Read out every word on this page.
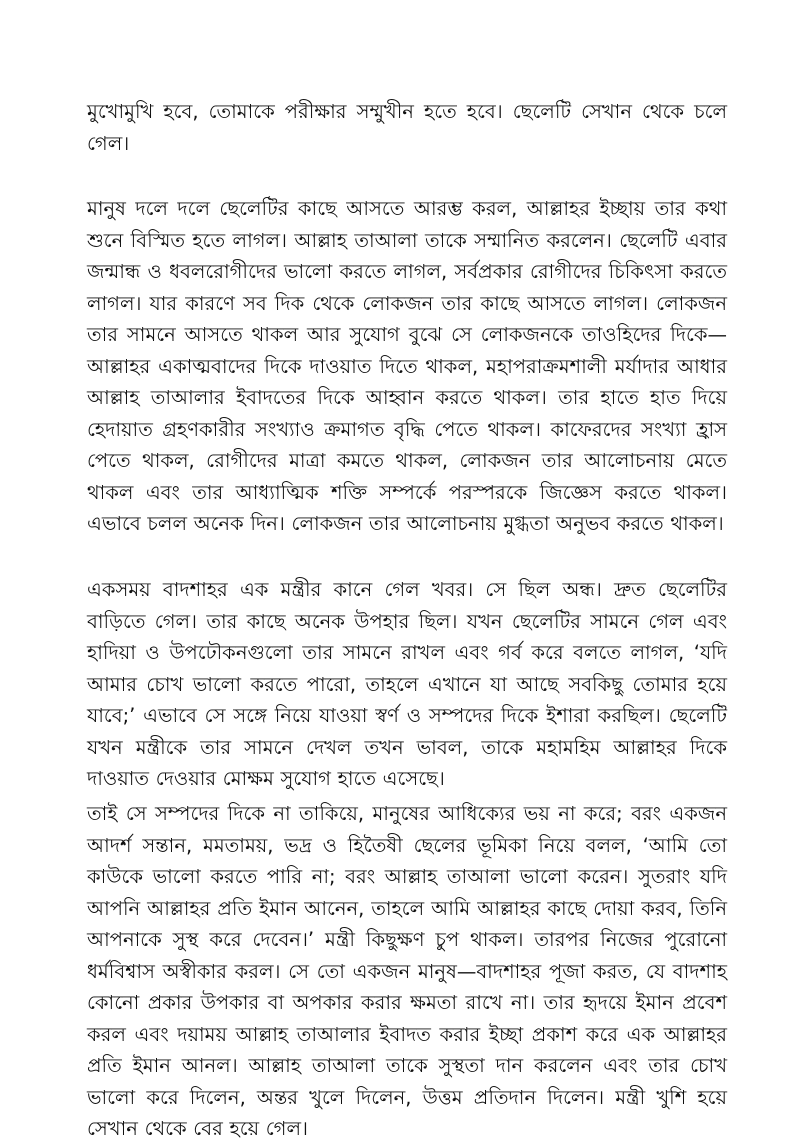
মুখোমুখি হবে, তোমাকে পরীক্ষার সম্মুখীন হতে হবে। ছেলেটি সেখান থেকে চলে গেল।

মানুষ দলে দলে ছেলেটির কাছে আসতে আরম্ভ করল, আল্লাহর ইচ্ছায় তার কথা শুনে বিস্মিত হতে লাগল। আল্লাহ তাআলা তাকে সম্মানিত করলেন। ছেলেটি এবার জন্মান্ধ ও ধবলরোগীদের ভালো করতে লাগল, সর্বপ্রকার রোগীদের চিকিৎসা করতে লাগল। যার কারণে সব দিক থেকে লোকজন তার কাছে আসতে লাগল। লোকজন তার সামনে আসতে থাকল আর সুযোগ বুঝে সে লোকজনকে তাওহিদের দিকে—আল্লাহর একাত্মবাদের দিকে দাওয়াত দিতে থাকল, মহাপরাক্রমশালী মর্যাদার আধার আল্লাহ তাআলার ইবাদতের দিকে আহ্বান করতে থাকল। তার হাতে হাত দিয়ে হেদায়াত গ্রহণকারীর সংখ্যাও ক্রমাগত বৃদ্ধি পেতে থাকল। কাফেরদের সংখ্যা হ্রাস পেতে থাকল, রোগীদের মাত্রা কমতে থাকল, লোকজন তার আলোচনায় মেতে থাকল এবং তার আধ্যাত্মিক শক্তি সম্পর্কে পরস্পরকে জিজ্ঞেস করতে থাকল। এভাবে চলল অনেক দিন। লোকজন তার আলোচনায় মুগ্ধতা অনুভব করতে থাকল।

একসময় বাদশাহর এক মন্ত্রীর কানে গেল খবর। সে ছিল অন্ধ। দ্রুত ছেলেটির বাড়িতে গেল। তার কাছে অনেক উপহার ছিল। যখন ছেলেটির সামনে গেল এবং হাদিয়া ও উপঢৌকনগুলো তার সামনে রাখল এবং গর্ব করে বলতে লাগল, ‘যদি আমার চোখ ভালো করতে পারো, তাহলে এখানে যা আছে সবকিছু তোমার হয়ে যাবে;’ এভাবে সে সঙ্গে নিয়ে যাওয়া স্বর্ণ ও সম্পদের দিকে ইশারা করছিল। ছেলেটি যখন মন্ত্রীকে তার সামনে দেখল তখন ভাবল, তাকে মহামহিম আল্লাহর দিকে দাওয়াত দেওয়ার মোক্ষম সুযোগ হাতে এসেছে।

তাই সে সম্পদের দিকে না তাকিয়ে, মানুষের আধিক্যের ভয় না করে; বরং একজন আদর্শ সন্তান, মমতাময়, ভদ্র ও হিতৈষী ছেলের ভূমিকা নিয়ে বলল, ‘আমি তো কাউকে ভালো করতে পারি না; বরং আল্লাহ তাআলা ভালো করেন। সুতরাং যদি আপনি আল্লাহর প্রতি ইমান আনেন, তাহলে আমি আল্লাহর কাছে দোয়া করব, তিনি আপনাকে সুস্থ করে দেবেন।’ মন্ত্রী কিছুক্ষণ চুপ থাকল। তারপর নিজের পুরোনো ধর্মবিশ্বাস অস্বীকার করল। সে তো একজন মানুষ—বাদশাহর পূজা করত, যে বাদশাহ কোনো প্রকার উপকার বা অপকার করার ক্ষমতা রাখে না। তার হৃদয়ে ইমান প্রবেশ করল এবং দয়াময় আল্লাহ তাআলার ইবাদত করার ইচ্ছা প্রকাশ করে এক আল্লাহর প্রতি ইমান আনল। আল্লাহ তাআলা তাকে সুস্থতা দান করলেন এবং তার চোখ ভালো করে দিলেন, অন্তর খুলে দিলেন, উত্তম প্রতিদান দিলেন। মন্ত্রী খুশি হয়ে সেখান থেকে বের হয়ে গেল।
